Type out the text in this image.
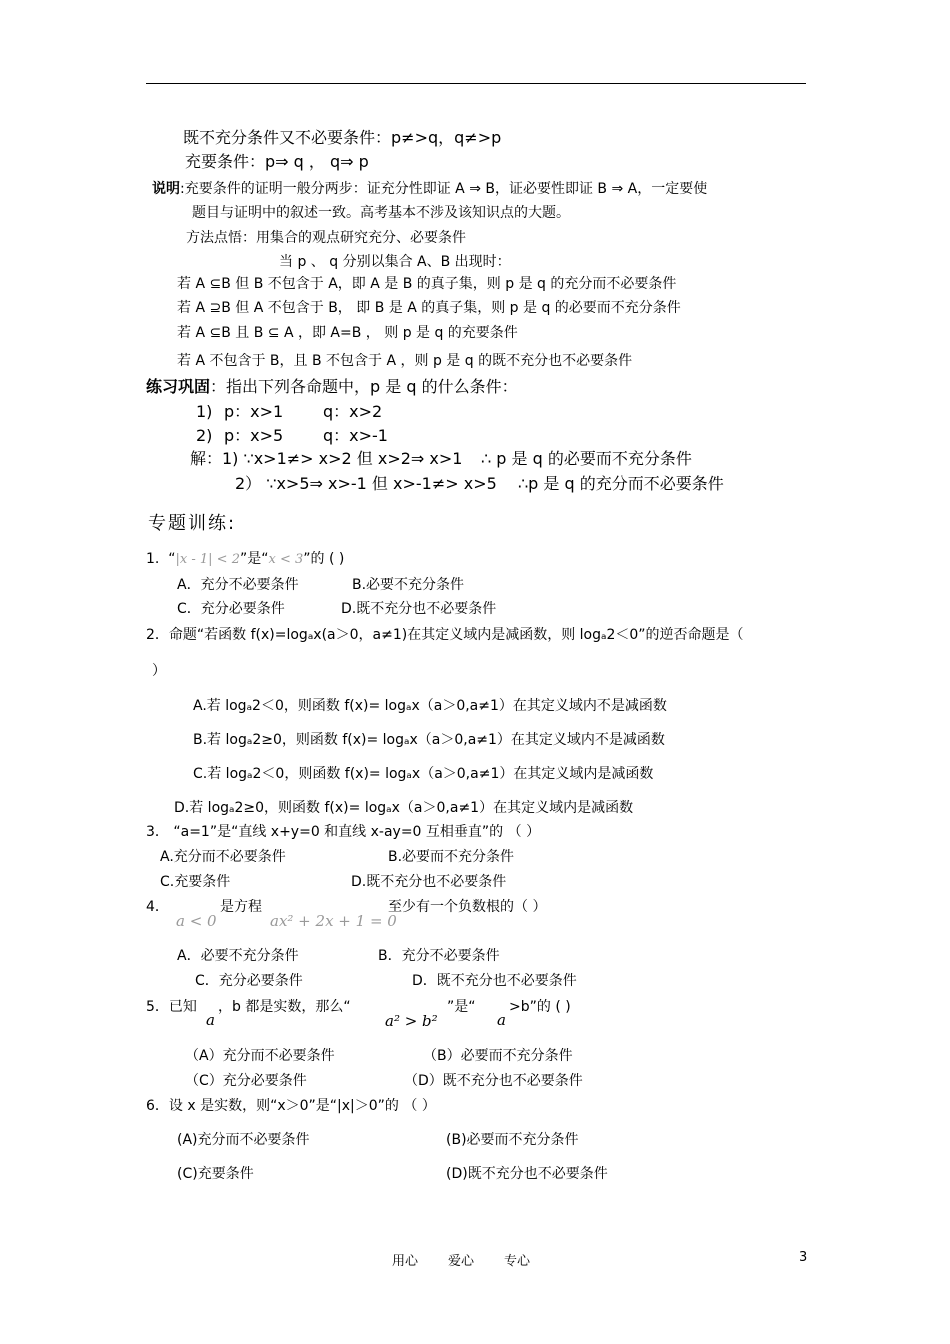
既不充分条件又不必要条件：p≠>q，q≠>p
充要条件：p⇒ q ， q⇒ p
说明:充要条件的证明一般分两步：证充分性即证 A ⇒ B，证必要性即证 B ⇒ A，一定要使
题目与证明中的叙述一致。高考基本不涉及该知识点的大题。
方法点悟：用集合的观点研究充分、必要条件
当 p 、 q 分别以集合 A、B 出现时：
若 A ⊆B 但 B 不包含于 A，即 A 是 B 的真子集，则 p 是 q 的充分而不必要条件
若 A ⊇B 但 A 不包含于 B， 即 B 是 A 的真子集，则 p 是 q 的必要而不充分条件
若 A ⊆B 且 B ⊆ A ，即 A=B ， 则 p 是 q 的充要条件
若 A 不包含于 B，且 B 不包含于 A ，则 p 是 q 的既不充分也不必要条件
练习巩固：指出下列各命题中，p 是 q 的什么条件：
1) p：x>1 q：x>2
2) p：x>5 q：x>-1
解：1) ∵x>1≠> x>2 但 x>2⇒ x>1 ∴ p 是 q 的必要而不充分条件
2） ∵x>5⇒ x>-1 但 x>-1≠> x>5 ∴p 是 q 的充分而不必要条件
专题训练:
1. “|x - 1| < 2”是“x < 3”的 ( )
A．充分不必要条件	B.必要不充分条件
C．充分必要条件	D.既不充分也不必要条件
2．命题“若函数 f(x)=logₐx(a＞0，a≠1)在其定义域内是减函数，则 logₐ2＜0”的逆否命题是（
）
A.若 logₐ2＜0，则函数 f(x)= logₐx（a＞0,a≠1）在其定义域内不是减函数
B.若 logₐ2≥0，则函数 f(x)= logₐx（a＞0,a≠1）在其定义域内不是减函数
C.若 logₐ2＜0，则函数 f(x)= logₐx（a＞0,a≠1）在其定义域内是减函数
D.若 logₐ2≥0，则函数 f(x)= logₐx（a＞0,a≠1）在其定义域内是减函数
3． “a=1”是“直线 x+y=0 和直线 x-ay=0 互相垂直”的 （ ）
A.充分而不必要条件	B.必要而不充分条件
C.充要条件	D.既不充分也不必要条件
4．
a < 0
是方程
ax² + 2x + 1 = 0
至少有一个负数根的（ ）
A．必要不充分条件	B．充分不必要条件
C．充分必要条件	D．既不充分也不必要条件
5．已知
a
，b 都是实数，那么“
a² > b²
”是“
a
>b”的 ( )
（A）充分而不必要条件	（B）必要而不充分条件
（C）充分必要条件	（D）既不充分也不必要条件
6．设 x 是实数，则“x＞0”是“|x|＞0”的 （ ）
(A)充分而不必要条件	(B)必要而不充分条件
(C)充要条件	(D)既不充分也不必要条件
用心 爱心 专心	3
